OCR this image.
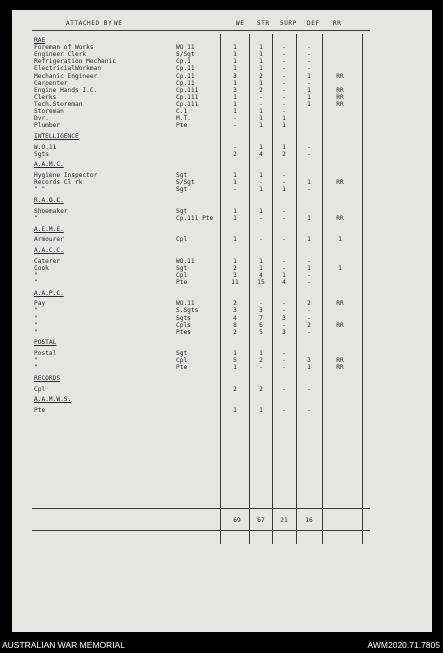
ATTACHED BY WE	WE STR SURP DEF RR
RAE
Foreman of Works	WO 11	1	1	-	-
Engineer Clerk	S/Sgt	1	1	-	-
Refrigeration Mechanic	Cp.1	1	1	-	-
ElectricialWorkman	Cp.11	1	1	-	-
Mechanic Engineer	Cp.11	3	2	-	1	RR
Carpenter	Cp.11	1	1	-	-
Engine Hands I.C.	Cp.111	3	2	-	1	RR
Clerks	Cp.111	1	-	-	1	RR
Tech.Storeman	Cp.111	1	-	-	1	RR
Storeman	C.1	1	1	-
Dvr.	M.T.	-	1	1
Plumber	Pte	-	1	1
INTELLIGENCE
W.O.11	-	1	1	-
Sgts	2	4	2	-
A.A.M.C.
Hygiene Inspector	Sgt	1	1	-
Records Cl rk	S/Sgt	1	-	-	1	RR
" "	Sgt	-	1	1	-
R.A.O.C.
Shoemaker	Sgt	1	1	-
"	Cp.111 Pte	1	-	-	1	RR
A.E.M.E.
Armourer	Cpl	1	-	-	1	1
A.A.C.C.
Caterer	WO.11	1	1	-	-
Cook	Sgt	2	1	-	1	1
"	Cpl	3	4	1	-
"	Pte	11	15	4	-
A.A.P.C.
Pay	WO.11	2	-	-	2	RR
"	S.Sgts	3	3	-	-
"	Sgts	4	7	3	-
"	Cpls	8	6	-	2	RR
"	Ptes	2	5	3	-
POSTAL
Postal	Sgt	1	1	-
"	Cpl	5	2	-	3	RR
"	Pte	1	-	-	1	RR
RECORDS
Cpl	2	2	-	-
A.A.M.W.S.
Pte	1	1	-	-
69	67	21	16
AUSTRALIAN WAR MEMORIAL	AWM2020.71.7805
